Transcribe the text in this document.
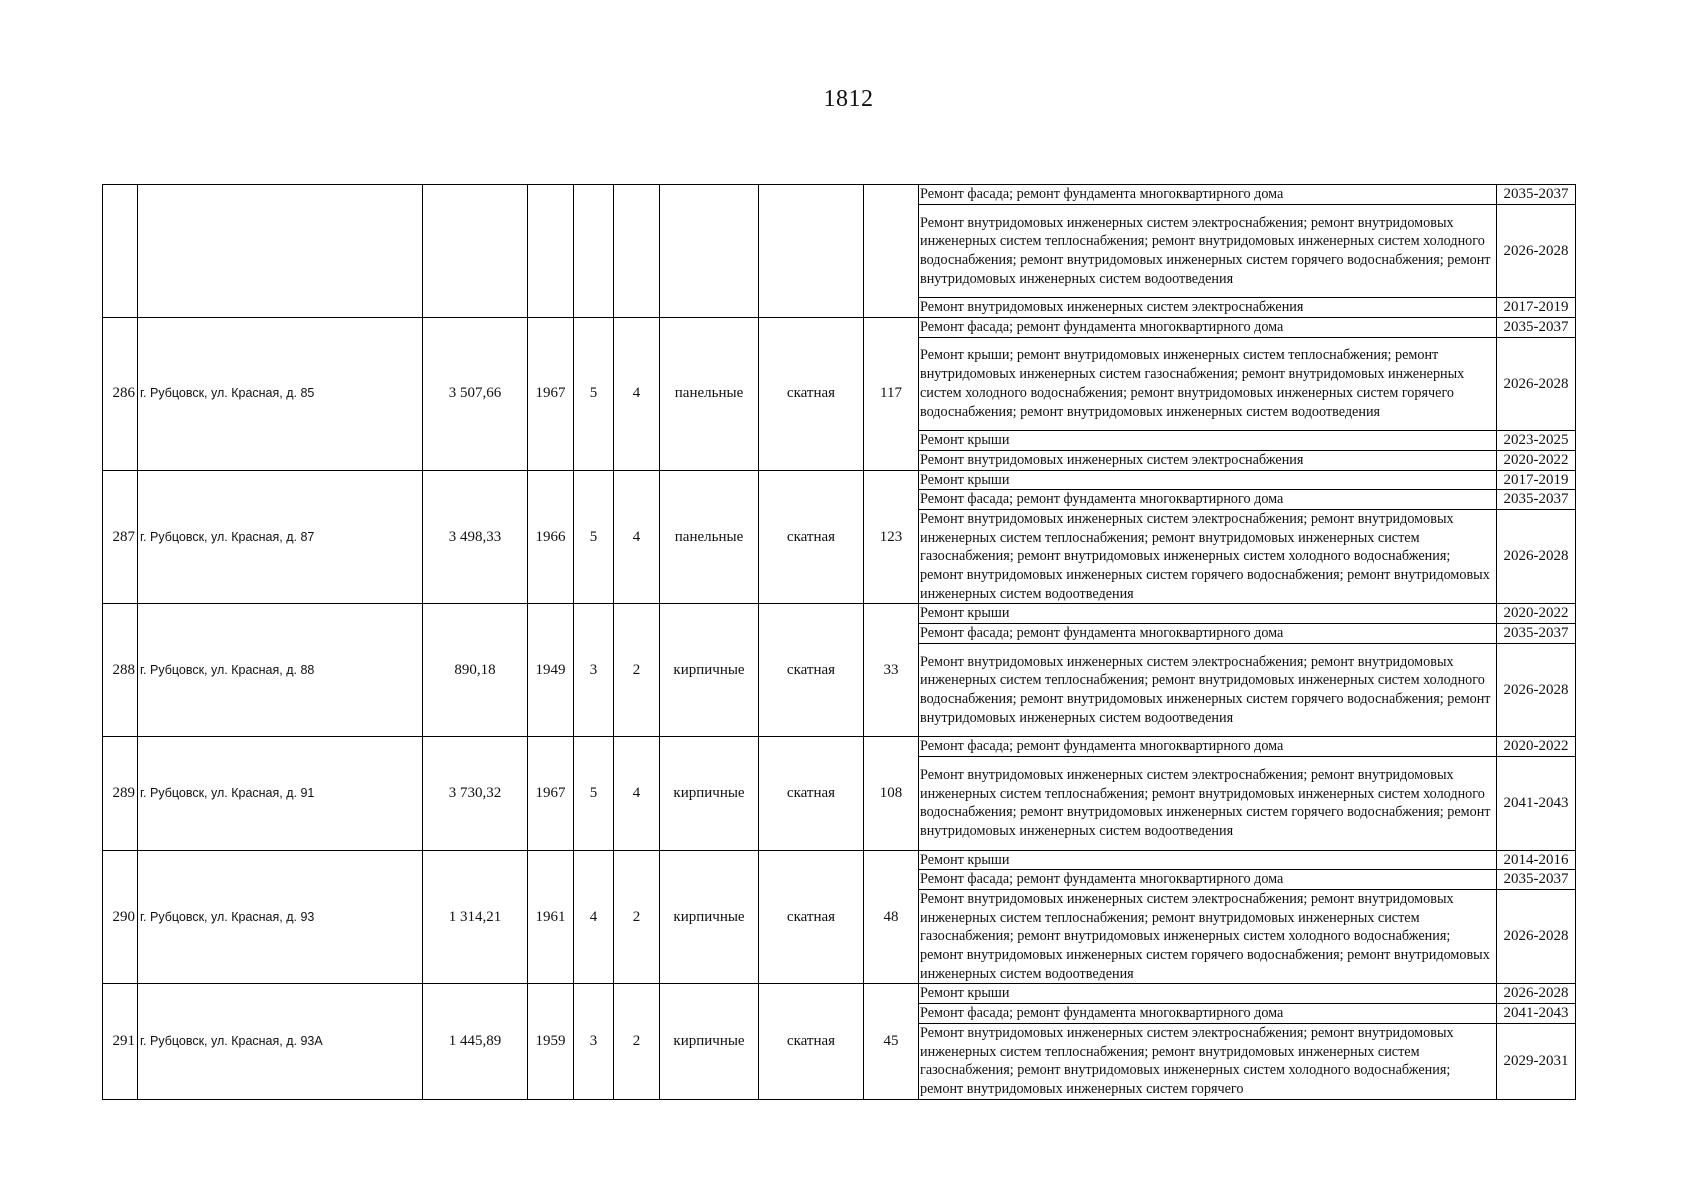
1812
									Ремонт фасада; ремонт фундамента многоквартирного дома	2035-2037
									Ремонт внутридомовых инженерных систем электроснабжения; ремонт внутридомовых инженерных систем теплоснабжения; ремонт внутридомовых инженерных систем холодного водоснабжения; ремонт внутридомовых инженерных систем горячего водоснабжения; ремонт внутридомовых инженерных систем водоотведения	2026-2028
									Ремонт внутридомовых инженерных систем электроснабжения	2017-2019
286	г. Рубцовск, ул. Красная, д. 85	3 507,66	1967	5	4	панельные	скатная	117	Ремонт фасада; ремонт фундамента многоквартирного дома	2035-2037
									Ремонт крыши; ремонт внутридомовых инженерных систем теплоснабжения; ремонт внутридомовых инженерных систем газоснабжения; ремонт внутридомовых инженерных систем холодного водоснабжения; ремонт внутридомовых инженерных систем горячего водоснабжения; ремонт внутридомовых инженерных систем водоотведения	2026-2028
									Ремонт крыши	2023-2025
									Ремонт внутридомовых инженерных систем электроснабжения	2020-2022
287	г. Рубцовск, ул. Красная, д. 87	3 498,33	1966	5	4	панельные	скатная	123	Ремонт крыши	2017-2019
									Ремонт фасада; ремонт фундамента многоквартирного дома	2035-2037
									Ремонт внутридомовых инженерных систем электроснабжения; ремонт внутридомовых инженерных систем теплоснабжения; ремонт внутридомовых инженерных систем газоснабжения; ремонт внутридомовых инженерных систем холодного водоснабжения; ремонт внутридомовых инженерных систем горячего водоснабжения; ремонт внутридомовых инженерных систем водоотведения	2026-2028
288	г. Рубцовск, ул. Красная, д. 88	890,18	1949	3	2	кирпичные	скатная	33	Ремонт крыши	2020-2022
									Ремонт фасада; ремонт фундамента многоквартирного дома	2035-2037
									Ремонт внутридомовых инженерных систем электроснабжения; ремонт внутридомовых инженерных систем теплоснабжения; ремонт внутридомовых инженерных систем холодного водоснабжения; ремонт внутридомовых инженерных систем горячего водоснабжения; ремонт внутридомовых инженерных систем водоотведения	2026-2028
289	г. Рубцовск, ул. Красная, д. 91	3 730,32	1967	5	4	кирпичные	скатная	108	Ремонт фасада; ремонт фундамента многоквартирного дома	2020-2022
									Ремонт внутридомовых инженерных систем электроснабжения; ремонт внутридомовых инженерных систем теплоснабжения; ремонт внутридомовых инженерных систем холодного водоснабжения; ремонт внутридомовых инженерных систем горячего водоснабжения; ремонт внутридомовых инженерных систем водоотведения	2041-2043
290	г. Рубцовск, ул. Красная, д. 93	1 314,21	1961	4	2	кирпичные	скатная	48	Ремонт крыши	2014-2016
									Ремонт фасада; ремонт фундамента многоквартирного дома	2035-2037
									Ремонт внутридомовых инженерных систем электроснабжения; ремонт внутридомовых инженерных систем теплоснабжения; ремонт внутридомовых инженерных систем газоснабжения; ремонт внутридомовых инженерных систем холодного водоснабжения; ремонт внутридомовых инженерных систем горячего водоснабжения; ремонт внутридомовых инженерных систем водоотведения	2026-2028
291	г. Рубцовск, ул. Красная, д. 93А	1 445,89	1959	3	2	кирпичные	скатная	45	Ремонт крыши	2026-2028
									Ремонт фасада; ремонт фундамента многоквартирного дома	2041-2043
									Ремонт внутридомовых инженерных систем электроснабжения; ремонт внутридомовых инженерных систем теплоснабжения; ремонт внутридомовых инженерных систем газоснабжения; ремонт внутридомовых инженерных систем холодного водоснабжения; ремонт внутридомовых инженерных систем горячего	2029-2031
